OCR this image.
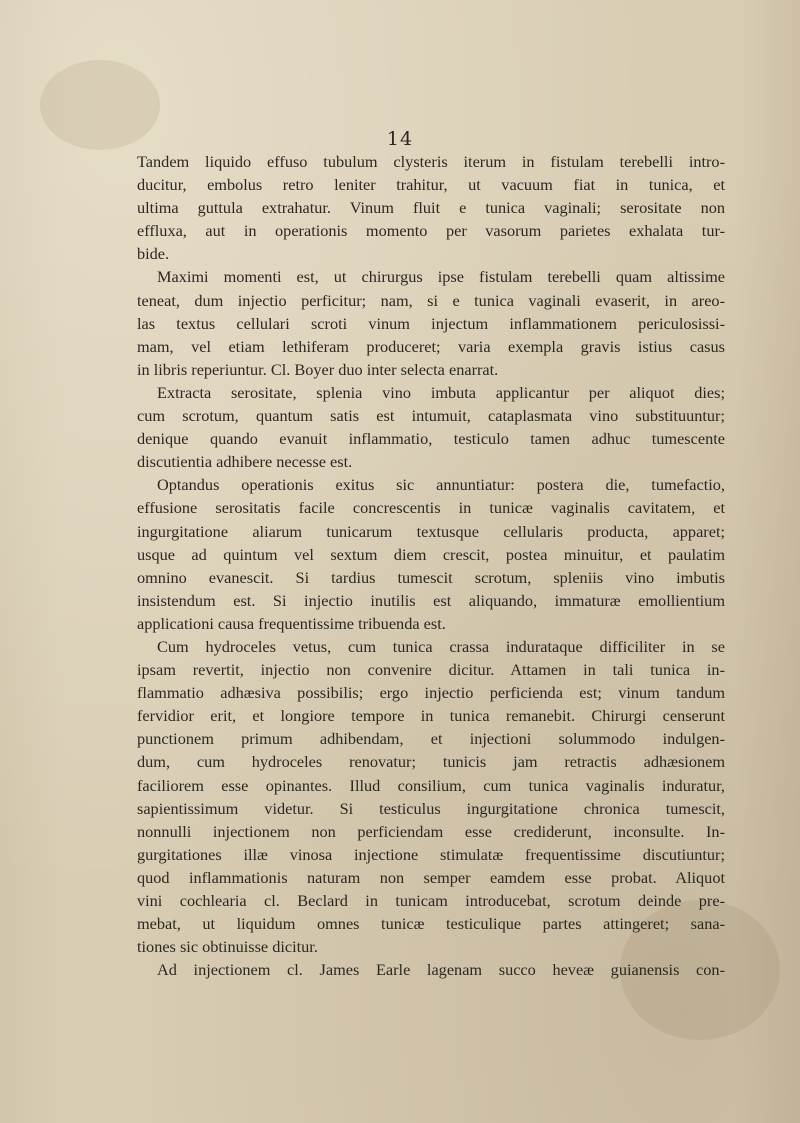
14
Tandem liquido effuso tubulum clysteris iterum in fistulam terebelli intro-
ducitur, embolus retro leniter trahitur, ut vacuum fiat in tunica, et
ultima guttula extrahatur. Vinum fluit e tunica vaginali; serositate non
effluxa, aut in operationis momento per vasorum parietes exhalata tur-
bide.
Maximi momenti est, ut chirurgus ipse fistulam terebelli quam altissime
teneat, dum injectio perficitur; nam, si e tunica vaginali evaserit, in areo-
las textus cellulari scroti vinum injectum inflammationem periculosissi-
mam, vel etiam lethiferam produceret; varia exempla gravis istius casus
in libris reperiuntur. Cl. Boyer duo inter selecta enarrat.
Extracta serositate, splenia vino imbuta applicantur per aliquot dies;
cum scrotum, quantum satis est intumuit, cataplasmata vino substituuntur;
denique quando evanuit inflammatio, testiculo tamen adhuc tumescente
discutientia adhibere necesse est.
Optandus operationis exitus sic annuntiatur: postera die, tumefactio,
effusione serositatis facile concrescentis in tunicæ vaginalis cavitatem, et
ingurgitatione aliarum tunicarum textusque cellularis producta, apparet;
usque ad quintum vel sextum diem crescit, postea minuitur, et paulatim
omnino evanescit. Si tardius tumescit scrotum, spleniis vino imbutis
insistendum est. Si injectio inutilis est aliquando, immaturæ emollientium
applicationi causa frequentissime tribuenda est.
Cum hydroceles vetus, cum tunica crassa indurataque difficiliter in se
ipsam revertit, injectio non convenire dicitur. Attamen in tali tunica in-
flammatio adhæsiva possibilis; ergo injectio perficienda est; vinum tandum
fervidior erit, et longiore tempore in tunica remanebit. Chirurgi censerunt
punctionem primum adhibendam, et injectioni solummodo indulgen-
dum, cum hydroceles renovatur; tunicis jam retractis adhæsionem
faciliorem esse opinantes. Illud consilium, cum tunica vaginalis induratur,
sapientissimum videtur. Si testiculus ingurgitatione chronica tumescit,
nonnulli injectionem non perficiendam esse crediderunt, inconsulte. In-
gurgitationes illæ vinosa injectione stimulatæ frequentissime discutiuntur;
quod inflammationis naturam non semper eamdem esse probat. Aliquot
vini cochlearia cl. Beclard in tunicam introducebat, scrotum deinde pre-
mebat, ut liquidum omnes tunicæ testiculique partes attingeret; sana-
tiones sic obtinuisse dicitur.
Ad injectionem cl. James Earle lagenam succo heveæ guianensis con-
